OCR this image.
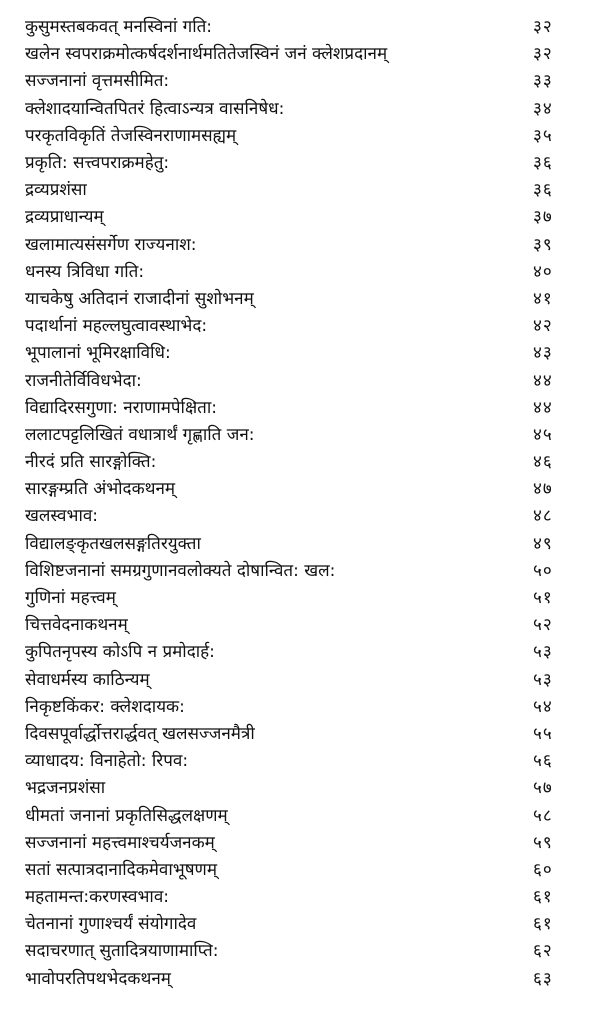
कुसुमस्तबकवत् मनस्विनां गति:	३२
खलेन स्वपराक्रमोत्कर्षदर्शनार्थमतितेजस्विनं जनं क्लेशप्रदानम्	३२
सज्जनानां वृत्तमसीमित:	३३
क्लेशादयान्वितपितरं हित्वाऽन्यत्र वासनिषेध:	३४
परकृतविकृतिं तेजस्विनराणामसह्यम्	३५
प्रकृति: सत्त्वपराक्रमहेतु:	३६
द्रव्यप्रशंसा	३६
द्रव्यप्राधान्यम्	३७
खलामात्यसंसर्गेण राज्यनाश:	३९
धनस्य त्रिविधा गति:	४०
याचकेषु अतिदानं राजादीनां सुशोभनम्	४१
पदार्थानां महल्लघुत्वावस्थाभेद:	४२
भूपालानां भूमिरक्षाविधि:	४३
राजनीतेर्विविधभेदा:	४४
विद्यादिरसगुणा: नराणामपेक्षिता:	४४
ललाटपट्टलिखितं वधात्रार्थं गृह्णाति जन:	४५
नीरदं प्रति सारङ्गोक्ति:	४६
सारङ्गम्प्रति अंभोदकथनम्	४७
खलस्वभाव:	४८
विद्यालङ्कृतखलसङ्गतिरयुक्ता	४९
विशिष्टजनानां समग्रगुणानवलोक्यते दोषान्वित: खल:	५०
गुणिनां महत्त्वम्	५१
चित्तवेदनाकथनम्	५२
कुपितनृपस्य कोऽपि न प्रमोदार्ह:	५३
सेवाधर्मस्य काठिन्यम्	५३
निकृष्टकिंकर: क्लेशदायक:	५४
दिवसपूर्वार्द्धोत्तरार्द्धवत् खलसज्जनमैत्री	५५
व्याधादय: विनाहेतो: रिपव:	५६
भद्रजनप्रशंसा	५७
धीमतां जनानां प्रकृतिसिद्धलक्षणम्	५८
सज्जनानां महत्त्वमाश्चर्यजनकम्	५९
सतां सत्पात्रदानादिकमेवाभूषणम्	६०
महतामन्त:करणस्वभाव:	६१
चेतनानां गुणाश्चर्यं संयोगादेव	६१
सदाचरणात् सुतादित्रयाणामाप्ति:	६२
भावोपरतिपथभेदकथनम्	६३
